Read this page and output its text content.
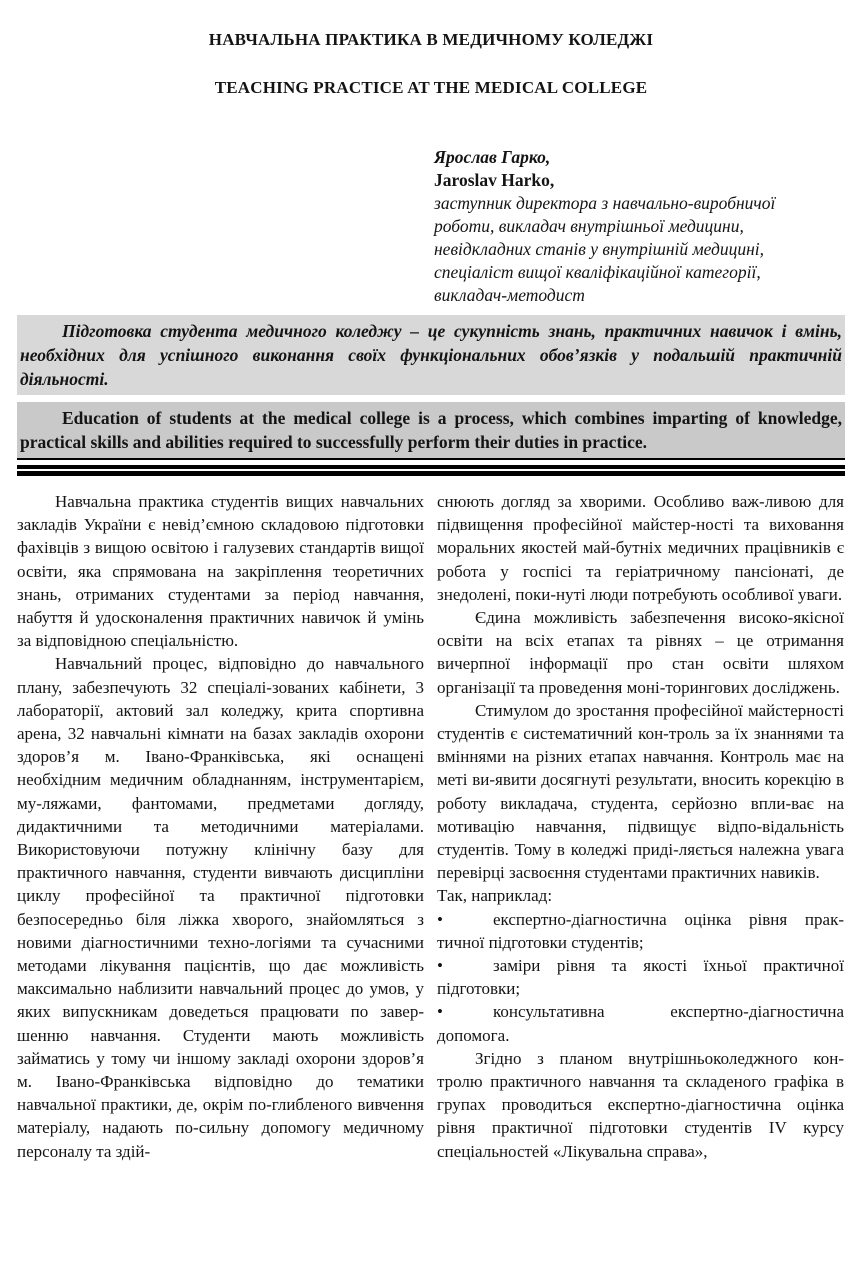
НАВЧАЛЬНА ПРАКТИКА В МЕДИЧНОМУ КОЛЕДЖІ
TEACHING PRACTICE AT THE MEDICAL COLLEGE
Ярослав Гарко,
Jaroslav Harko,
заступник директора з навчально-виробничої
роботи, викладач внутрішньої медицини,
невідкладних станів у внутрішній медицині,
спеціаліст вищої кваліфікаційної категорії,
викладач-методист
Підготовка студента медичного коледжу – це сукупність знань, практичних навичок і вмінь, необхідних для успішного виконання своїх функціональних обов’язків у подальшій практичній діяльності.
Education of students at the medical college is a process, which combines imparting of knowledge, practical skills and abilities required to successfully perform their duties in practice.

Навчальна практика студентів вищих навчальних закладів України є невід’ємною складовою підготовки фахівців з вищою освітою і галузевих стандартів вищої освіти, яка спрямована на закріплення теоретичних знань, отриманих студентами за період навчання, набуття й удосконалення практичних навичок й умінь за відповідною спеціальністю.

Навчальний процес, відповідно до навчального плану, забезпечують 32 спеціалі-зованих кабінети, 3 лабораторії, актовий зал коледжу, крита спортивна арена, 32 навчальні кімнати на базах закладів охорони здоров’я м. Івано-Франківська, які оснащені необхідним медичним обладнанням, інструментарієм, му-ляжами, фантомами, предметами догляду, дидактичними та методичними матеріалами. Використовуючи потужну клінічну базу для практичного навчання, студенти вивчають дисципліни циклу професійної та практичної підготовки безпосередньо біля ліжка хворого, знайомляться з новими діагностичними техно-логіями та сучасними методами лікування пацієнтів, що дає можливість максимально наблизити навчальний процес до умов, у яких випускникам доведеться працювати по завер-шенню навчання. Студенти мають можливість займатись у тому чи іншому закладі охорони здоров’я м. Івано-Франківська відповідно до тематики навчальної практики, де, окрім по-глибленого вивчення матеріалу, надають по-сильну допомогу медичному персоналу та здій-

снюють догляд за хворими. Особливо важ-ливою для підвищення професійної майстер-ності та виховання моральних якостей май-бутніх медичних працівників є робота у госпісі та геріатричному пансіонаті, де знедолені, поки-нуті люди потребують особливої уваги.

Єдина можливість забезпечення високо-якісної освіти на всіх етапах та рівнях – це отримання вичерпної інформації про стан освіти шляхом організації та проведення моні-торингових досліджень.

Стимулом до зростання професійної майстерності студентів є систематичний кон-троль за їх знаннями та вміннями на різних етапах навчання. Контроль має на меті ви-явити досягнуті результати, вносить корекцію в роботу викладача, студента, серйозно впли-ває на мотивацію навчання, підвищує відпо-відальність студентів. Тому в коледжі приді-ляється належна увага перевірці засвоєння студентами практичних навиків.

Так, наприклад:

•	експертно-діагностична оцінка рівня прак-тичної підготовки студентів;

•	заміри рівня та якості їхньої практичної підготовки;

•	консультативна експертно-діагностична допомога.

Згідно з планом внутрішньоколеджного кон-тролю практичного навчання та складеного графіка в групах проводиться експертно-діагностична оцінка рівня практичної підготовки студентів IV курсу спеціальностей «Лікувальна справа»,
